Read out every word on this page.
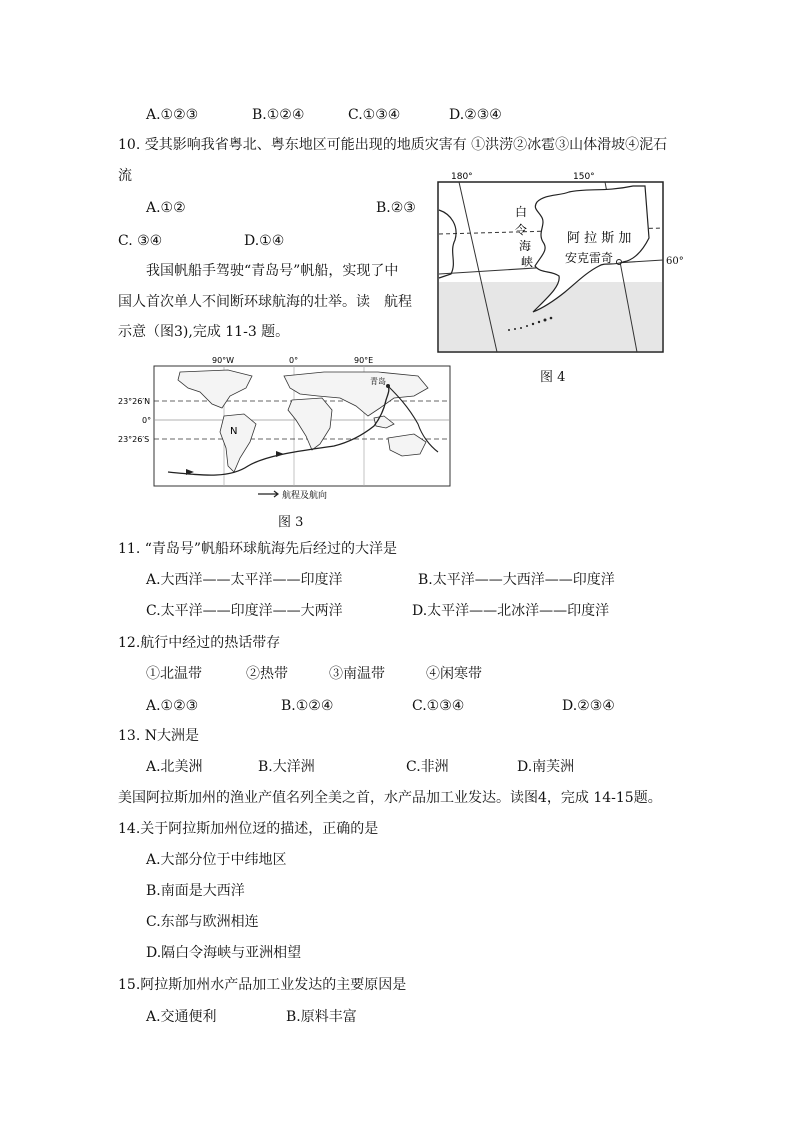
A.①②③	B.①②④	C.①③④	D.②③④
10. 受其影响我省粤北、粤东地区可能出现的地质灾害有 ①洪涝②冰雹③山体滑坡④泥石
流
A.①②	B.②③
C. ③④	D.①④
我国帆船手驾驶“青岛号”帆船，实现了中
国人首次单人不间断环球航海的壮举。读　航程
示意（图3),完成 11-3 题。
180°	150°
白
令
海
峡
阿 拉 斯 加
安克雷奇	60°
图 4
90°W	0°	90°E
23°26′N
0°
23°26′S
青岛
N
航程及航向
图 3
11. “青岛号”帆船环球航海先后经过的大洋是
A.大西洋——太平洋——印度洋	B.太平洋——大西洋——印度洋
C.太平洋——印度洋——大两洋	D.太平洋——北冰洋——印度洋
12.航行中经过的热话带存
①北温带	②热带	③南温带	④闲寒带
A.①②③	B.①②④	C.①③④	D.②③④
13. N大洲是
A.北美洲	B.大洋洲	C.非洲	D.南芙洲
美国阿拉斯加州的渔业产值名列全美之首，水产品加工业发达。读图4，完成 14-15题。
14.关于阿拉斯加州位迓的描述，正确的是
A.大部分位于中纬地区
B.南面是大西洋
C.东部与欧洲相连
D.隔白令海峡与亚洲相望
15.阿拉斯加州水产品加工业发达的主要原因是
A.交通便利	B.原料丰富
